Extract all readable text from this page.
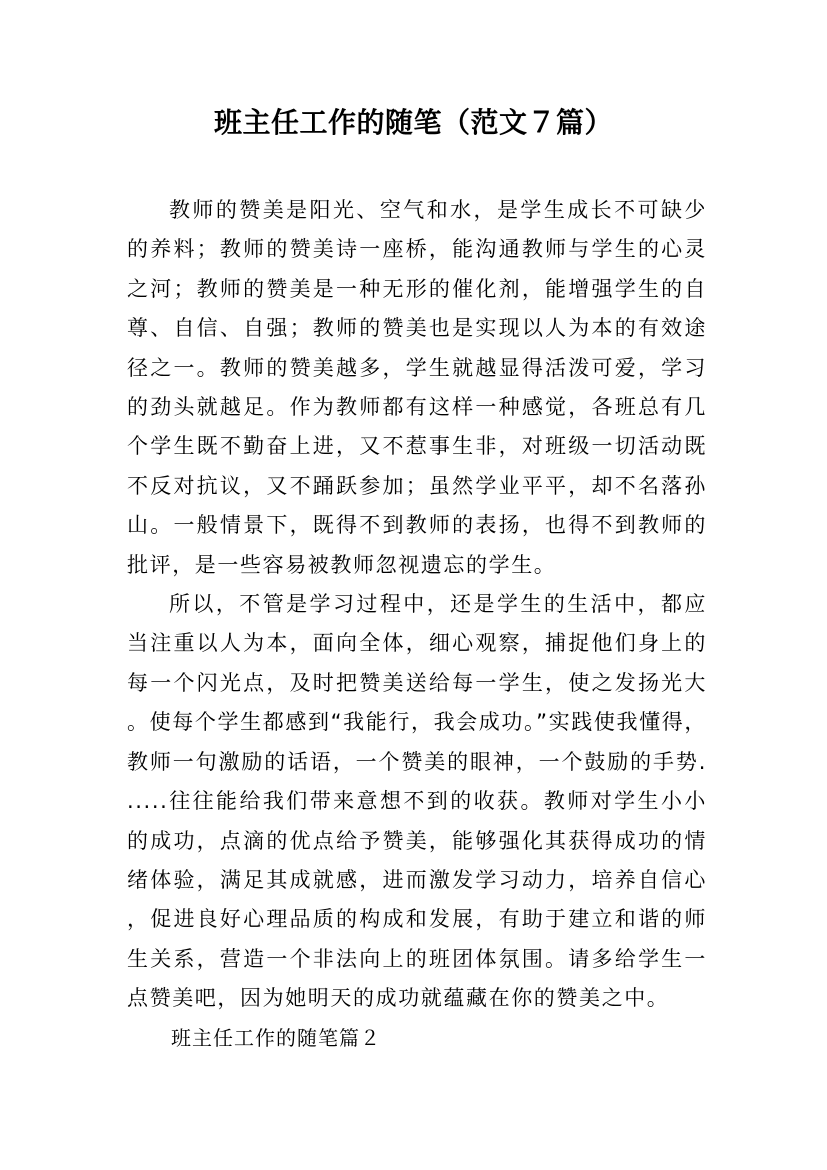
班主任工作的随笔（范文７篇）

教师的赞美是阳光、空气和水，是学生成长不可缺少的养料；教师的赞美诗一座桥，能沟通教师与学生的心灵之河；教师的赞美是一种无形的催化剂，能增强学生的自尊、自信、自强；教师的赞美也是实现以人为本的有效途径之一。教师的赞美越多，学生就越显得活泼可爱，学习的劲头就越足。作为教师都有这样一种感觉，各班总有几个学生既不勤奋上进，又不惹事生非，对班级一切活动既不反对抗议，又不踊跃参加；虽然学业平平，却不名落孙山。一般情景下，既得不到教师的表扬，也得不到教师的批评，是一些容易被教师忽视遗忘的学生。

所以，不管是学习过程中，还是学生的生活中，都应当注重以人为本，面向全体，细心观察，捕捉他们身上的每一个闪光点，及时把赞美送给每一学生，使之发扬光大。使每个学生都感到“我能行，我会成功。”实践使我懂得，教师一句激励的话语，一个赞美的眼神，一个鼓励的手势......往往能给我们带来意想不到的收获。教师对学生小小的成功，点滴的优点给予赞美，能够强化其获得成功的情绪体验，满足其成就感，进而激发学习动力，培养自信心，促进良好心理品质的构成和发展，有助于建立和谐的师生关系，营造一个非法向上的班团体氛围。请多给学生一点赞美吧，因为她明天的成功就蕴藏在你的赞美之中。

班主任工作的随笔篇２
